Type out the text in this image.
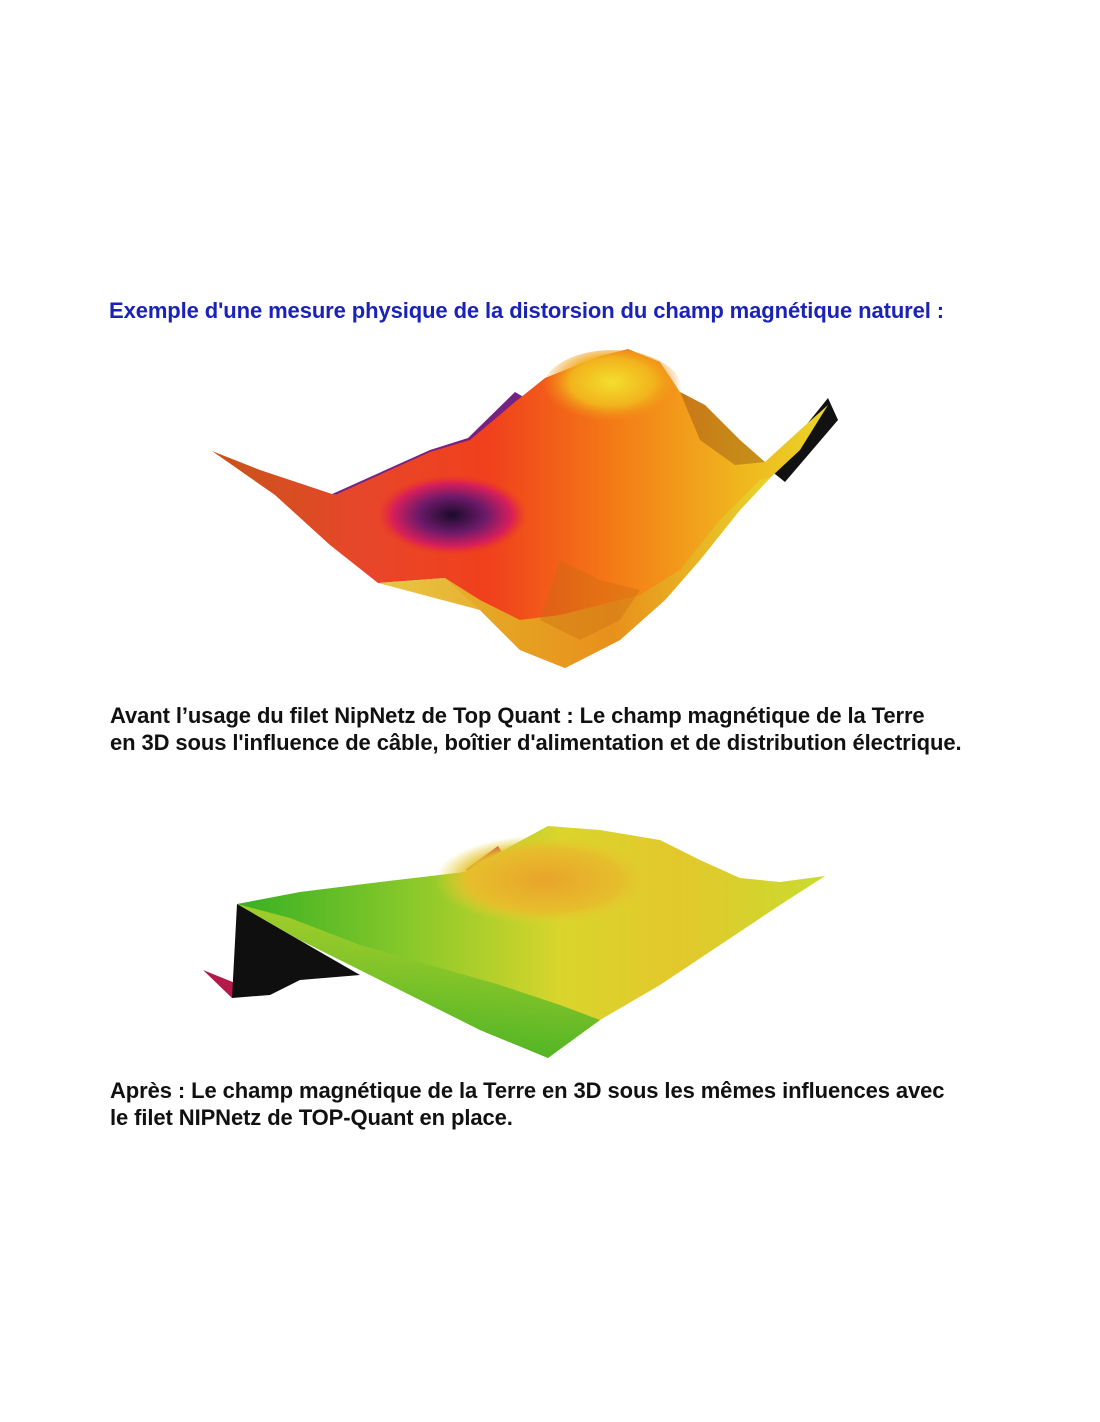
Exemple d'une mesure physique de la distorsion du champ magnétique naturel :

Avant l’usage du filet NipNetz de Top Quant : Le champ magnétique de la Terre
en 3D sous l'influence de câble, boîtier d'alimentation et de distribution électrique.

Après : Le champ magnétique de la Terre en 3D sous les mêmes influences avec
le filet NIPNetz de TOP-Quant en place.
